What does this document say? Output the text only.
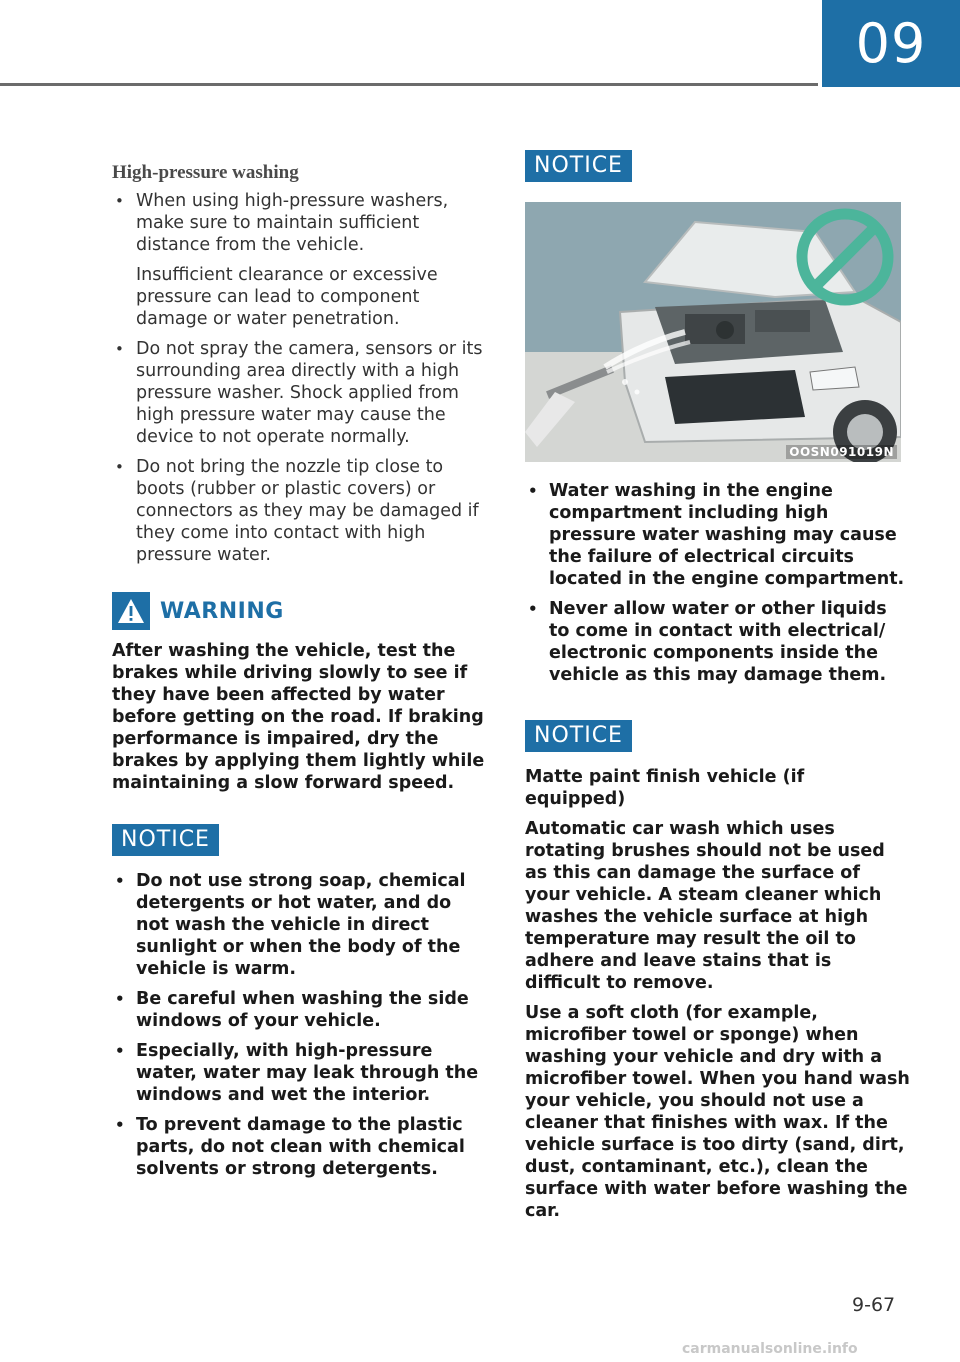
09
High-pressure washing
• When using high-pressure washers, make sure to maintain sufficient distance from the vehicle.
Insufficient clearance or excessive pressure can lead to component damage or water penetration.
• Do not spray the camera, sensors or its surrounding area directly with a high pressure washer. Shock applied from high pressure water may cause the device to not operate normally.
• Do not bring the nozzle tip close to boots (rubber or plastic covers) or connectors as they may be damaged if they come into contact with high pressure water.
WARNING

After washing the vehicle, test the brakes while driving slowly to see if they have been affected by water before getting on the road. If braking performance is impaired, dry the brakes by applying them lightly while maintaining a slow forward speed.

NOTICE
• Do not use strong soap, chemical detergents or hot water, and do not wash the vehicle in direct sunlight or when the body of the vehicle is warm.
• Be careful when washing the side windows of your vehicle.
• Especially, with high-pressure water, water may leak through the windows and wet the interior.
• To prevent damage to the plastic parts, do not clean with chemical solvents or strong detergents.
NOTICE
OOSN091019N
• Water washing in the engine compartment including high pressure water washing may cause the failure of electrical circuits located in the engine compartment.
• Never allow water or other liquids to come in contact with electrical/ electronic components inside the vehicle as this may damage them.
NOTICE

Matte paint finish vehicle (if equipped)

Automatic car wash which uses rotating brushes should not be used as this can damage the surface of your vehicle. A steam cleaner which washes the vehicle surface at high temperature may result the oil to adhere and leave stains that is difficult to remove.

Use a soft cloth (for example, microfiber towel or sponge) when washing your vehicle and dry with a microfiber towel. When you hand wash your vehicle, you should not use a cleaner that finishes with wax. If the vehicle surface is too dirty (sand, dirt, dust, contaminant, etc.), clean the surface with water before washing the car.

9-67
carmanualsonline.info
